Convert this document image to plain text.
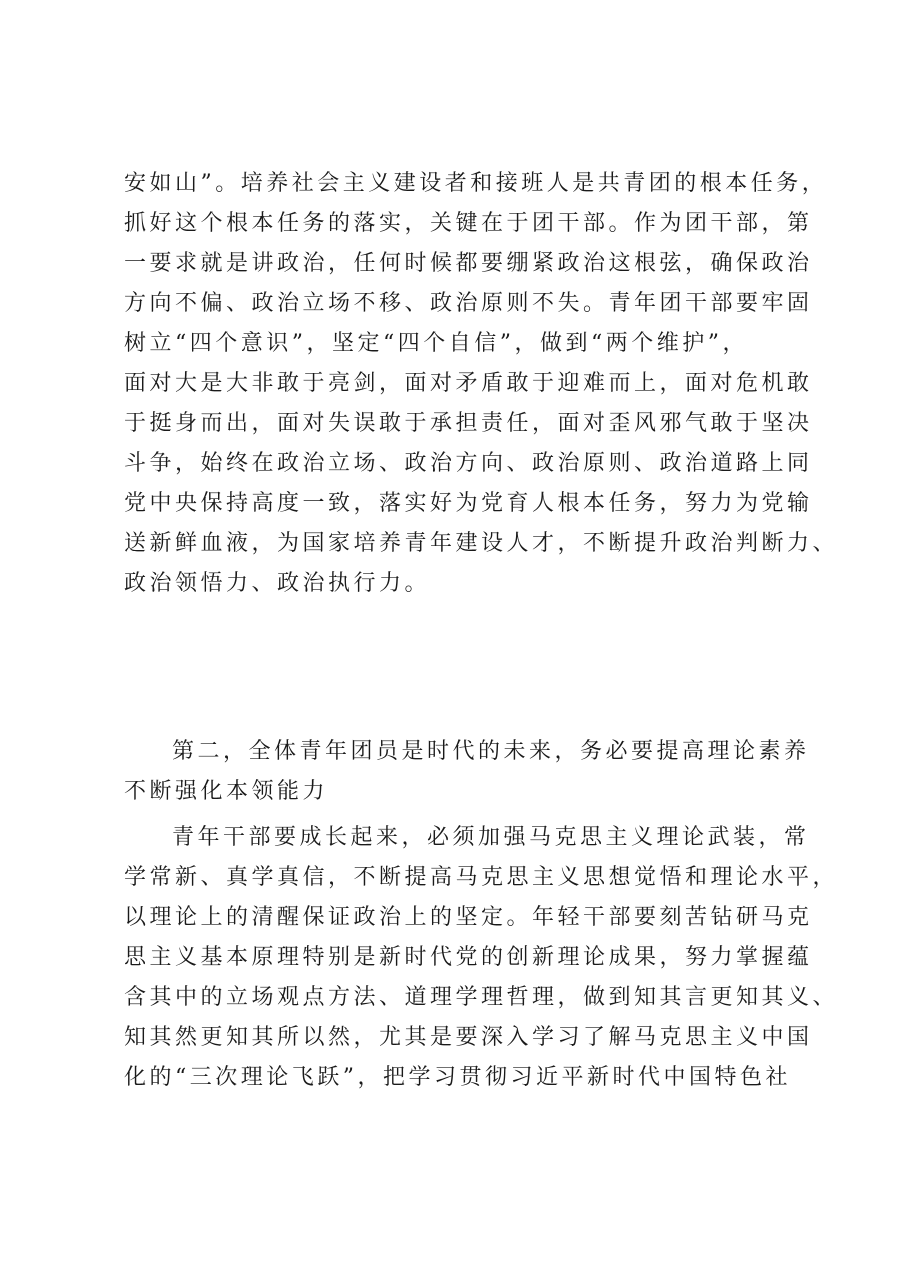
安如山”。培养社会主义建设者和接班人是共青团的根本任务，
抓好这个根本任务的落实，关键在于团干部。作为团干部，第
一要求就是讲政治，任何时候都要绷紧政治这根弦，确保政治
方向不偏、政治立场不移、政治原则不失。青年团干部要牢固
树立“四个意识”，坚定“四个自信”，做到“两个维护”，
面对大是大非敢于亮剑，面对矛盾敢于迎难而上，面对危机敢
于挺身而出，面对失误敢于承担责任，面对歪风邪气敢于坚决
斗争，始终在政治立场、政治方向、政治原则、政治道路上同
党中央保持高度一致，落实好为党育人根本任务，努力为党输
送新鲜血液，为国家培养青年建设人才，不断提升政治判断力、
政治领悟力、政治执行力。
第二，全体青年团员是时代的未来，务必要提高理论素养
不断强化本领能力
青年干部要成长起来，必须加强马克思主义理论武装，常
学常新、真学真信，不断提高马克思主义思想觉悟和理论水平，
以理论上的清醒保证政治上的坚定。年轻干部要刻苦钻研马克
思主义基本原理特别是新时代党的创新理论成果，努力掌握蕴
含其中的立场观点方法、道理学理哲理，做到知其言更知其义、
知其然更知其所以然，尤其是要深入学习了解马克思主义中国
化的“三次理论飞跃”，把学习贯彻习近平新时代中国特色社
